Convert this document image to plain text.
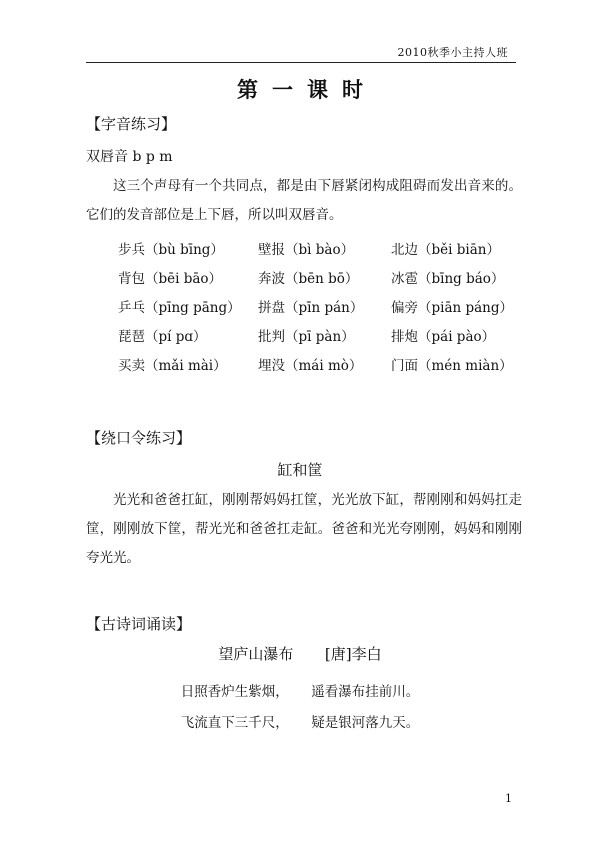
2010秋季小主持人班
第一课时
【字音练习】
双唇音 b p m
这三个声母有一个共同点，都是由下唇紧闭构成阻碍而发出音来的。它们的发音部位是上下唇，所以叫双唇音。
步兵（bù bīng）	壁报（bì bào）	北边（běi biān）
背包（bēi bāo）	奔波（bēn bō）	冰雹（bīng báo）
乒乓（pīng pāng）	拼盘（pīn pán）	偏旁（piān páng）
琵琶（pí pɑ）	批判（pī pàn）	排炮（pái pào）
买卖（mǎi mài）	埋没（mái mò）	门面（mén miàn）
【绕口令练习】
缸和筐
光光和爸爸扛缸，刚刚帮妈妈扛筐，光光放下缸，帮刚刚和妈妈扛走筐，刚刚放下筐，帮光光和爸爸扛走缸。爸爸和光光夸刚刚，妈妈和刚刚夸光光。
【古诗词诵读】
望庐山瀑布 [唐]李白
日照香炉生紫烟， 遥看瀑布挂前川。
飞流直下三千尺， 疑是银河落九天。
1
